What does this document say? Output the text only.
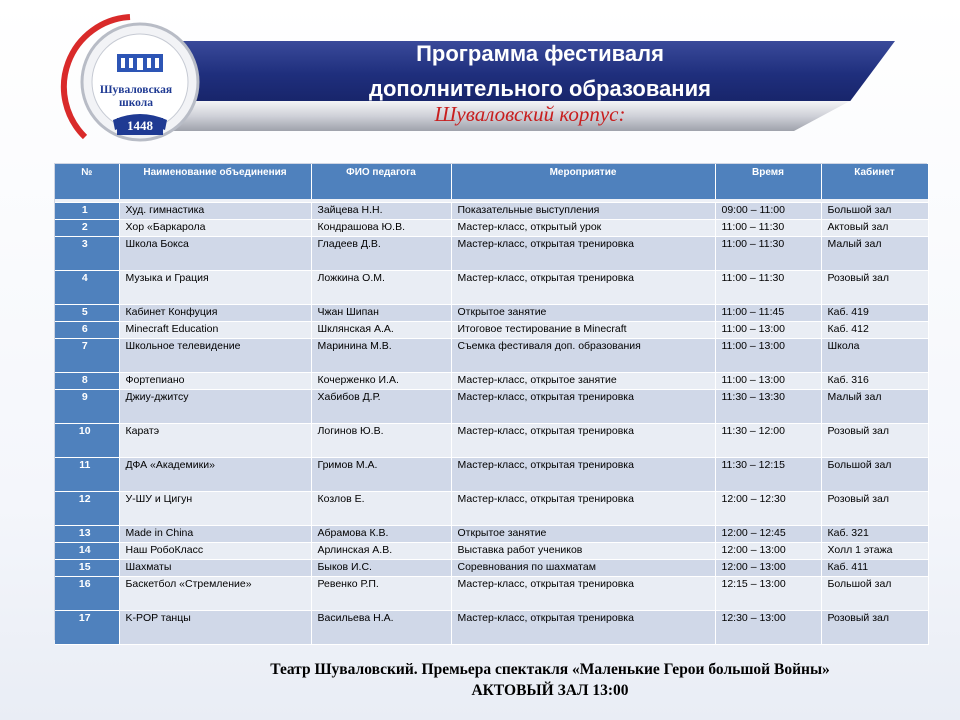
Программа фестиваля
дополнительного образования
Шуваловский корпус:
Шуваловская
школа
1448
№	Наименование объединения	ФИО педагога	Мероприятие	Время	Кабинет

1	Худ. гимнастика	Зайцева Н.Н.	Показательные выступления	09:00 – 11:00	Большой зал
2	Хор «Баркарола	Кондрашова Ю.В.	Мастер-класс, открытый урок	11:00 – 11:30	Актовый зал
3	Школа Бокса	Гладеев Д.В.	Мастер-класс, открытая тренировка	11:00 – 11:30	Малый зал
4	Музыка и Грация	Ложкина О.М.	Мастер-класс, открытая тренировка	11:00 – 11:30	Розовый зал
5	Кабинет Конфуция	Чжан Шипан	Открытое занятие	11:00 – 11:45	Каб. 419
6	Minecraft Education	Шклянская А.А.	Итоговое тестирование в Minecraft	11:00 – 13:00	Каб. 412
7	Школьное телевидение	Маринина М.В.	Съемка фестиваля доп. образования	11:00 – 13:00	Школа
8	Фортепиано	Кочерженко И.А.	Мастер-класс, открытое занятие	11:00 – 13:00	Каб. 316
9	Джиу-джитсу	Хабибов Д.Р.	Мастер-класс, открытая тренировка	11:30 – 13:30	Малый зал
10	Каратэ	Логинов Ю.В.	Мастер-класс, открытая тренировка	11:30 – 12:00	Розовый зал
11	ДФА «Академики»	Гримов М.А.	Мастер-класс, открытая тренировка	11:30 – 12:15	Большой зал
12	У-ШУ и Цигун	Козлов Е.	Мастер-класс, открытая тренировка	12:00 – 12:30	Розовый зал
13	Made in China	Абрамова К.В.	Открытое занятие	12:00 – 12:45	Каб. 321
14	Наш РобоКласс	Арлинская А.В.	Выставка работ учеников	12:00 – 13:00	Холл 1 этажа
15	Шахматы	Быков И.С.	Соревнования по шахматам	12:00 – 13:00	Каб. 411
16	Баскетбол «Стремление»	Ревенко Р.П.	Мастер-класс, открытая тренировка	12:15 – 13:00	Большой зал
17	K-POP танцы	Васильева Н.А.	Мастер-класс, открытая тренировка	12:30 – 13:00	Розовый зал
Театр Шуваловский. Премьера спектакля «Маленькие Герои большой Войны»
АКТОВЫЙ ЗАЛ 13:00
